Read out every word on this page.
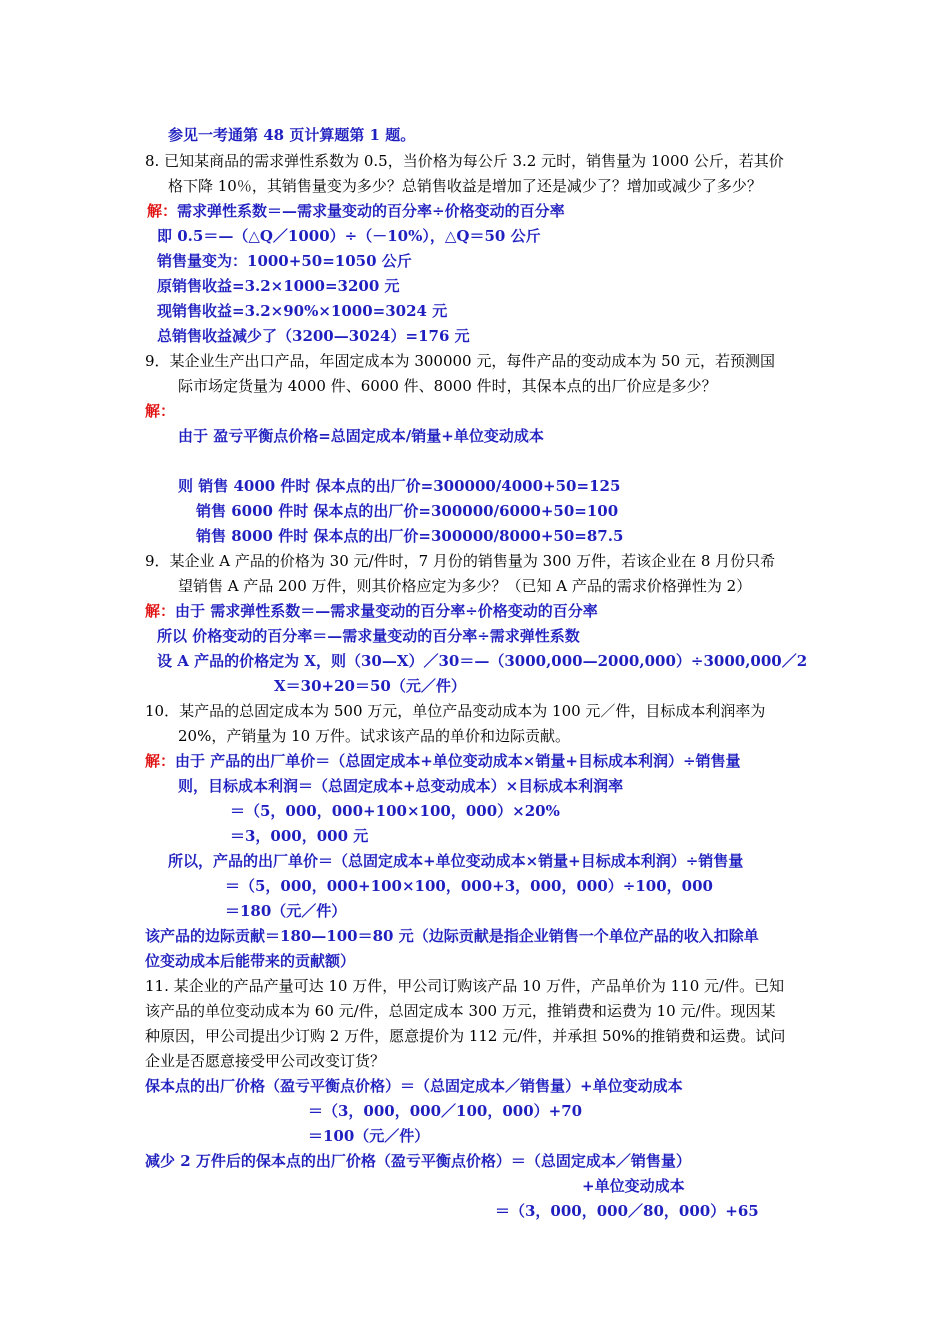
参见一考通第 48 页计算题第 1 题。
8. 已知某商品的需求弹性系数为 0.5，当价格为每公斤 3.2 元时，销售量为 1000 公斤，若其价
格下降 10％，其销售量变为多少？总销售收益是增加了还是减少了？增加或减少了多少？
解：需求弹性系数＝—需求量变动的百分率÷价格变动的百分率
即 0.5＝—（△Q／1000）÷（－10%），△Q＝50 公斤
销售量变为：1000+50=1050 公斤
原销售收益=3.2×1000=3200 元
现销售收益=3.2×90%×1000=3024 元
总销售收益减少了（3200—3024）=176 元
9．某企业生产出口产品，年固定成本为 300000 元，每件产品的变动成本为 50 元，若预测国
际市场定货量为 4000 件、6000 件、8000 件时，其保本点的出厂价应是多少？
解：
由于 盈亏平衡点价格=总固定成本/销量+单位变动成本
则 销售 4000 件时 保本点的出厂价=300000/4000+50=125
销售 6000 件时 保本点的出厂价=300000/6000+50=100
销售 8000 件时 保本点的出厂价=300000/8000+50=87.5
9．某企业 A 产品的价格为 30 元/件时，7 月份的销售量为 300 万件，若该企业在 8 月份只希
望销售 A 产品 200 万件，则其价格应定为多少？（已知 A 产品的需求价格弹性为 2）
解：由于 需求弹性系数＝—需求量变动的百分率÷价格变动的百分率
所以 价格变动的百分率＝—需求量变动的百分率÷需求弹性系数
设 A 产品的价格定为 X，则（30—X）／30＝—（3000,000—2000,000）÷3000,000／2
X＝30+20＝50（元／件）
10．某产品的总固定成本为 500 万元，单位产品变动成本为 100 元／件，目标成本利润率为
20%，产销量为 10 万件。试求该产品的单价和边际贡献。
解：由于 产品的出厂单价＝（总固定成本+单位变动成本×销量+目标成本利润）÷销售量
则，目标成本利润＝（总固定成本+总变动成本）×目标成本利润率
＝（5，000，000+100×100，000）×20%
＝3，000，000 元
所以，产品的出厂单价＝（总固定成本+单位变动成本×销量+目标成本利润）÷销售量
＝（5，000，000+100×100，000+3，000，000）÷100，000
＝180（元／件）
该产品的边际贡献＝180—100＝80 元（边际贡献是指企业销售一个单位产品的收入扣除单
位变动成本后能带来的贡献额）
11. 某企业的产品产量可达 10 万件，甲公司订购该产品 10 万件，产品单价为 110 元/件。已知
该产品的单位变动成本为 60 元/件，总固定成本 300 万元，推销费和运费为 10 元/件。现因某
种原因，甲公司提出少订购 2 万件，愿意提价为 112 元/件，并承担 50%的推销费和运费。试问
企业是否愿意接受甲公司改变订货？
保本点的出厂价格（盈亏平衡点价格）＝（总固定成本／销售量）+单位变动成本
＝（3，000，000／100，000）+70
＝100（元／件）
减少 2 万件后的保本点的出厂价格（盈亏平衡点价格）＝（总固定成本／销售量）
+单位变动成本
＝（3，000，000／80，000）+65
